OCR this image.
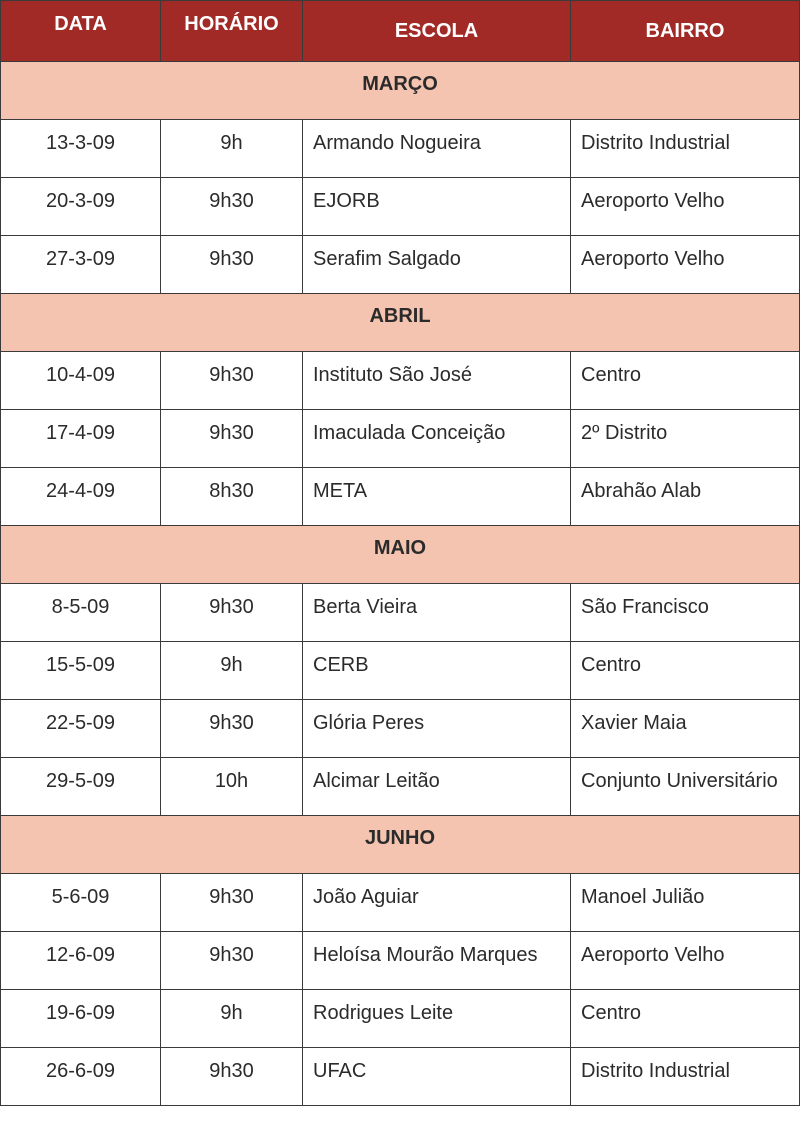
DATA	HORÁRIO	ESCOLA	BAIRRO
MARÇO			
13-3-09	9h	Armando Nogueira	Distrito Industrial
20-3-09	9h30	EJORB	Aeroporto Velho
27-3-09	9h30	Serafim Salgado	Aeroporto Velho
ABRIL			
10-4-09	9h30	Instituto São José	Centro
17-4-09	9h30	Imaculada Conceição	2º Distrito
24-4-09	8h30	META	Abrahão Alab
MAIO			
8-5-09	9h30	Berta Vieira	São Francisco
15-5-09	9h	CERB	Centro
22-5-09	9h30	Glória Peres	Xavier Maia
29-5-09	10h	Alcimar Leitão	Conjunto Universitário
JUNHO			
5-6-09	9h30	João Aguiar	Manoel Julião
12-6-09	9h30	Heloísa Mourão Marques	Aeroporto Velho
19-6-09	9h	Rodrigues Leite	Centro
26-6-09	9h30	UFAC	Distrito Industrial
